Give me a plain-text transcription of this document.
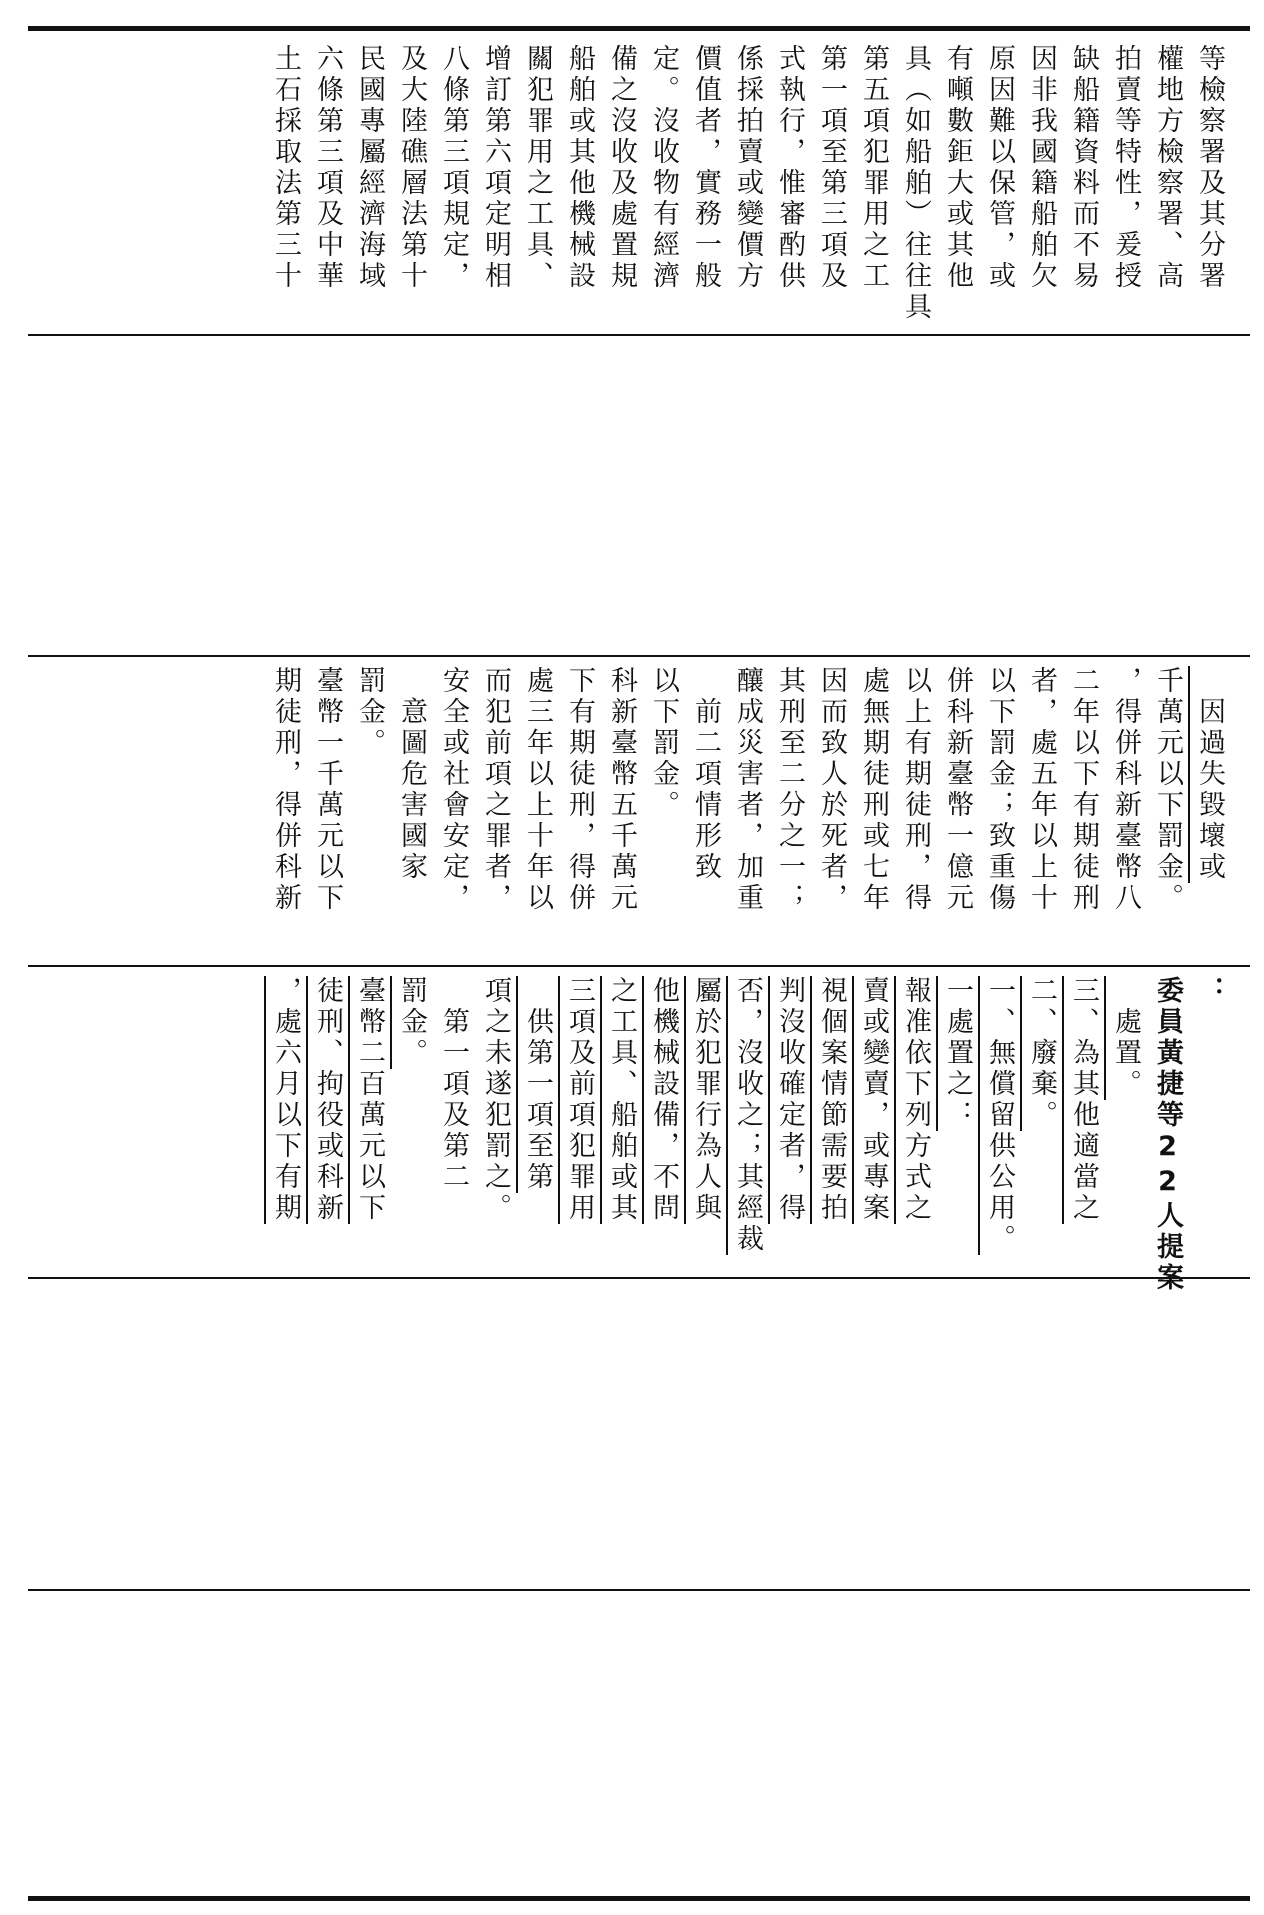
等檢察署及其分署
權地方檢察署、高
拍賣等特性，爰授
缺船籍資料而不易
因非我國籍船舶欠
原因難以保管，或
有噸數鉅大或其他
具（如船舶）往往具
第五項犯罪用之工
第一項至第三項及
式執行，惟審酌供
係採拍賣或變價方
價值者，實務一般
定。沒收物有經濟
備之沒收及處置規
船舶或其他機械設
關犯罪用之工具、
增訂第六項定明相
八條第三項規定，
及大陸礁層法第十
民國專屬經濟海域
六條第三項及中華
土石採取法第三十
　因過失毀壞或
千萬元以下罰金。
，得併科新臺幣八
二年以下有期徒刑
者，處五年以上十
以下罰金；致重傷
併科新臺幣一億元
以上有期徒刑，得
處無期徒刑或七年
因而致人於死者，
其刑至二分之一；
釀成災害者，加重
　前二項情形致
以下罰金。
科新臺幣五千萬元
下有期徒刑，得併
處三年以上十年以
而犯前項之罪者，
安全或社會安定，
　意圖危害國家
罰金。
臺幣一千萬元以下
期徒刑，得併科新
：
委員黃捷等22人提案
　處置。
三、為其他適當之
二、廢棄。
一、無償留供公用。
一處置之：
報准依下列方式之
賣或變賣，或專案
視個案情節需要拍
判沒收確定者，得
否，沒收之；其經裁
屬於犯罪行為人與
他機械設備，不問
之工具、船舶或其
三項及前項犯罪用
　供第一項至第
項之未遂犯罰之。
　第一項及第二
罰金。
臺幣二百萬元以下
徒刑、拘役或科新
，處六月以下有期
